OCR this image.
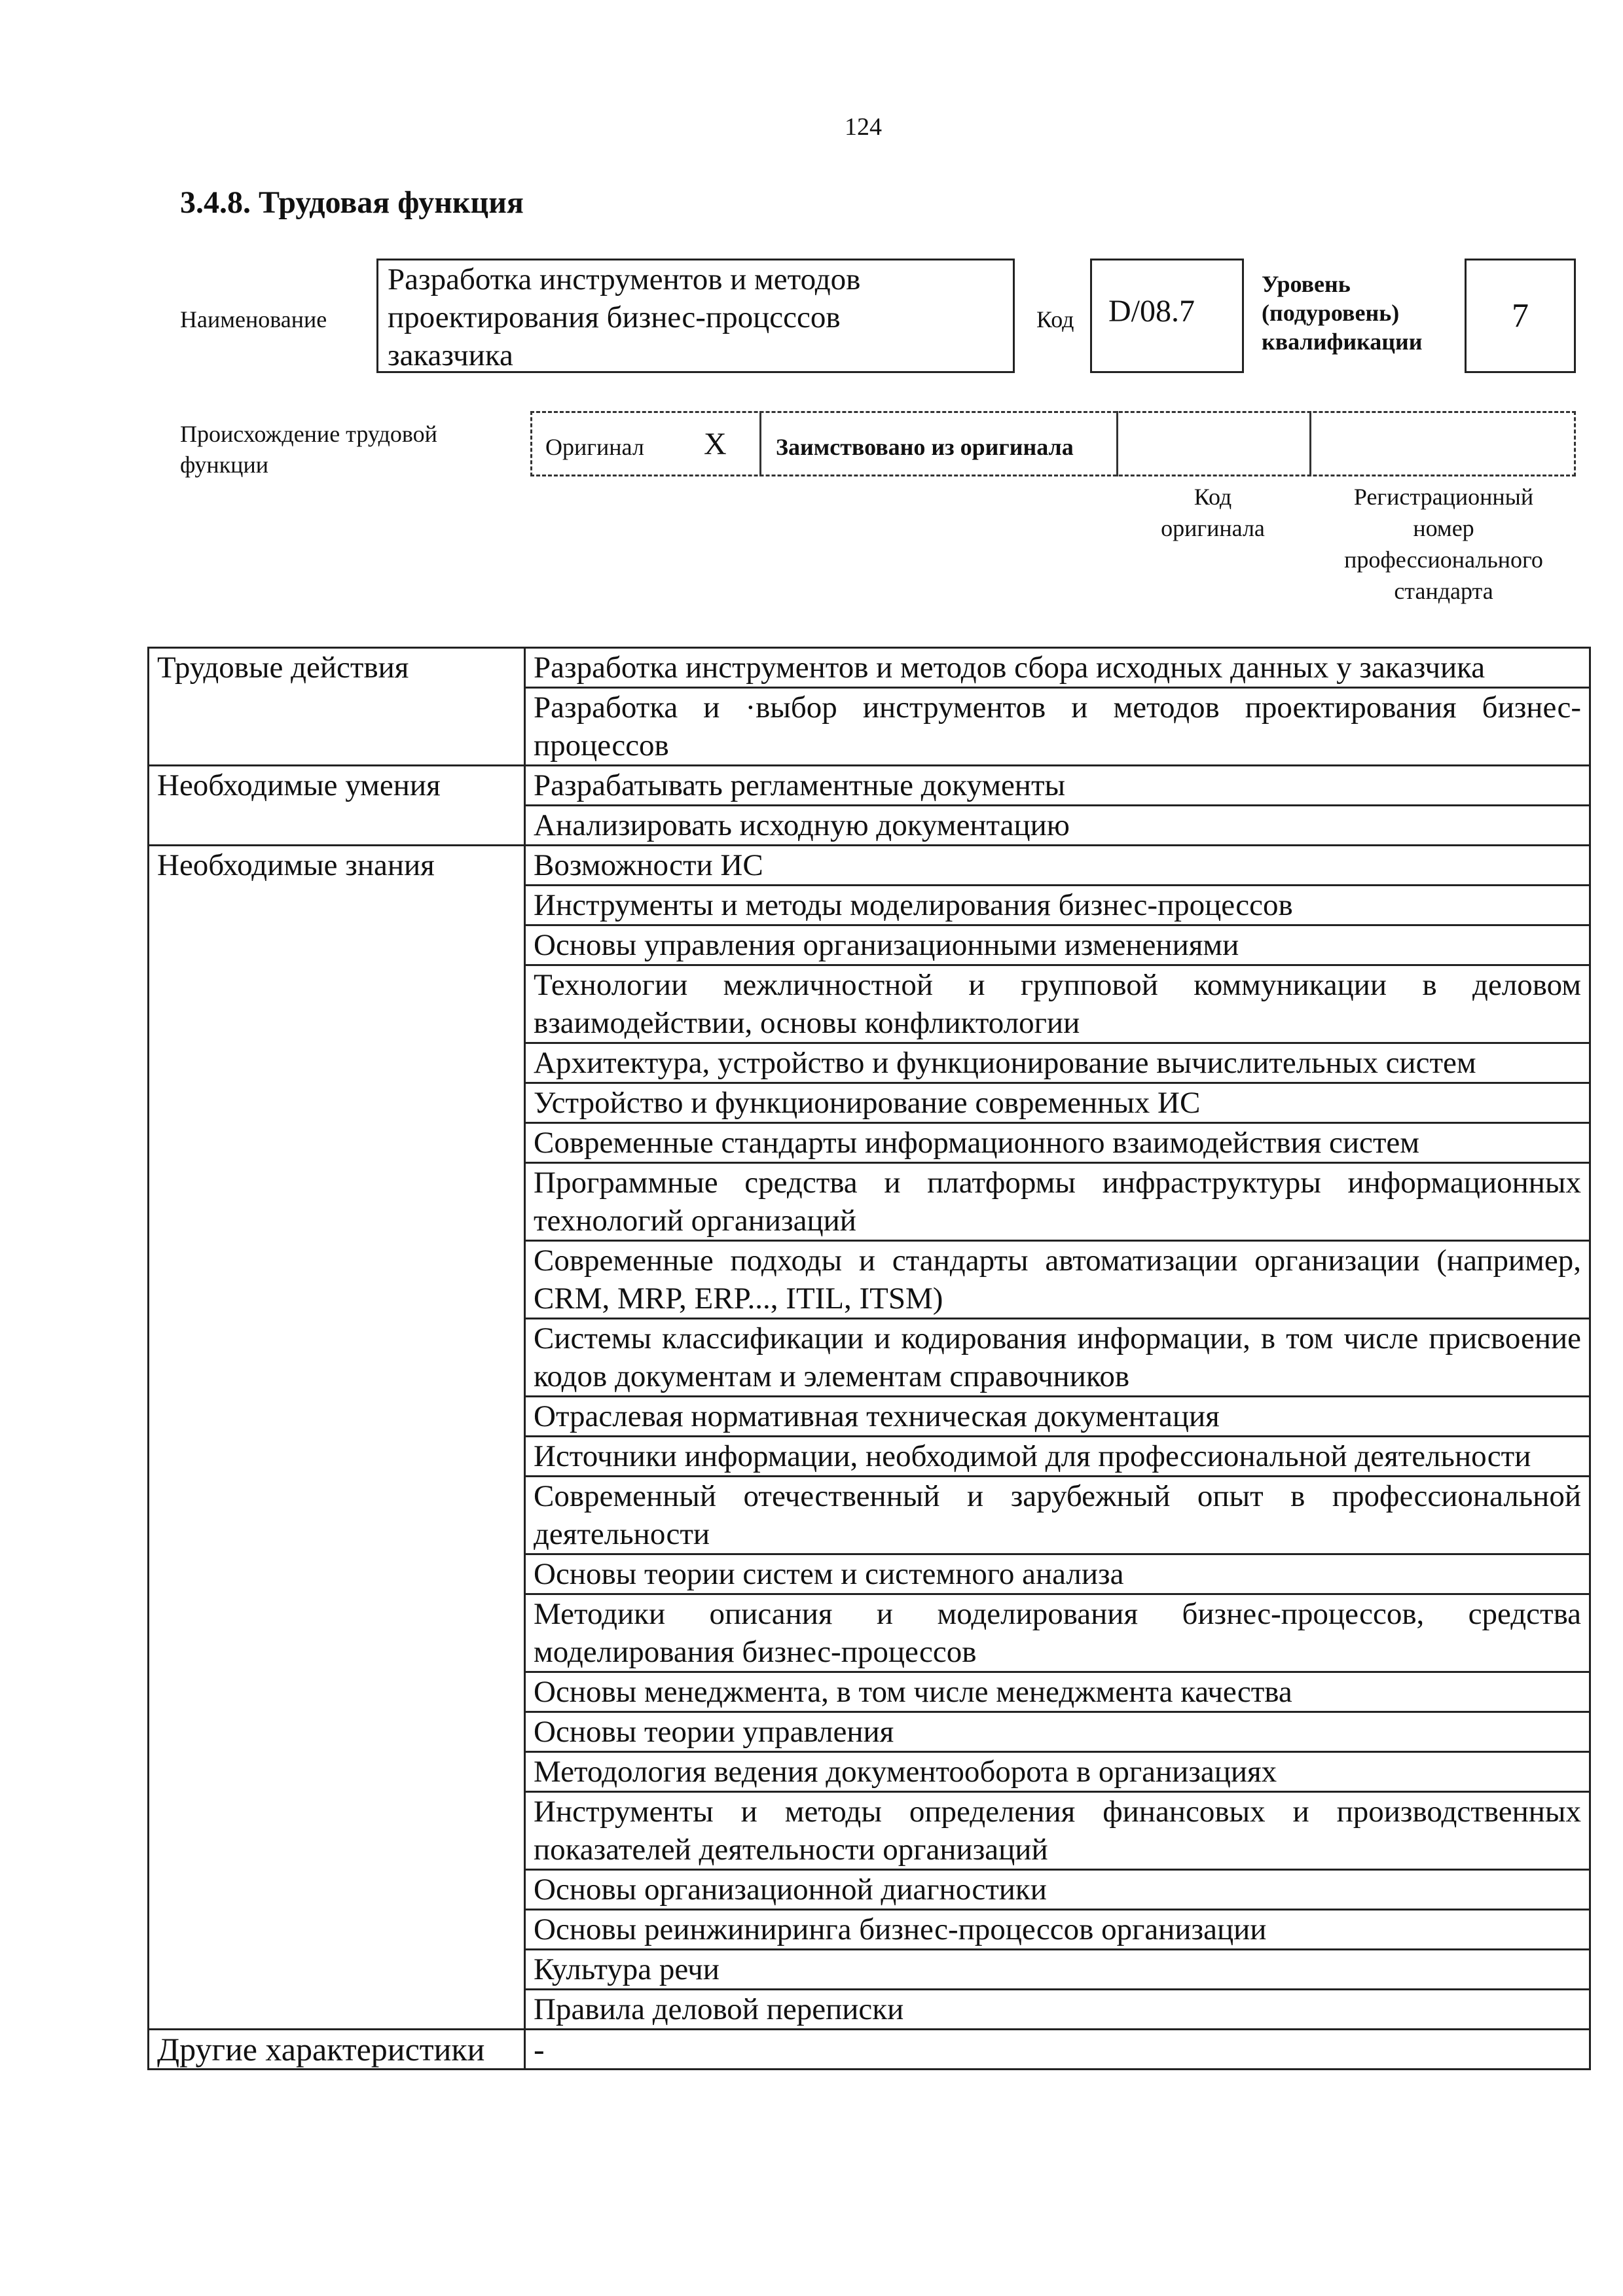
124
3.4.8. Трудовая функция
Наименование
Разработка инструментов и методов
проектирования бизнес-процсссов
заказчика
Код	D/08.7
Уровень
(подуровень)
квалификации
7
Происхождение трудовой
функции
Оригинал X Заимствовано из оригинала
Код
оригинала
Регистрационный
номер
профессионального
стандарта
Трудовые действия	Разработка инструментов и методов сбора исходных данных у заказчика
	Разработка и ·выбор инструментов и методов проектирования бизнес-процессов
Необходимые умения	Разрабатывать регламентные документы
	Анализировать исходную документацию
Необходимые знания	Возможности ИС
	Инструменты и методы моделирования бизнес-процессов
	Основы управления организационными изменениями
	Технологии межличностной и групповой коммуникации в деловом взаимодействии, основы конфликтологии
	Архитектура, устройство и функционирование вычислительных систем
	Устройство и функционирование современных ИС
	Современные стандарты информационного взаимодействия систем
	Программные средства и платформы инфраструктуры информационных технологий организаций
	Современные подходы и стандарты автоматизации организации (например, CRM, MRP, ERP..., ITIL, ITSM)
	Системы классификации и кодирования информации, в том числе присвоение кодов документам и элементам справочников
	Отраслевая нормативная техническая документация
	Источники информации, необходимой для профессиональной деятельности
	Современный отечественный и зарубежный опыт в профессиональной деятельности
	Основы теории систем и системного анализа
	Методики описания и моделирования бизнес-процессов, средства моделирования бизнес-процессов
	Основы менеджмента, в том числе менеджмента качества
	Основы теории управления
	Методология ведения документооборота в организациях
	Инструменты и методы определения финансовых и производственных показателей деятельности организаций
	Основы организационной диагностики
	Основы реинжиниринга бизнес-процессов организации
	Культура речи
	Правила деловой переписки
Другие характеристики	-
